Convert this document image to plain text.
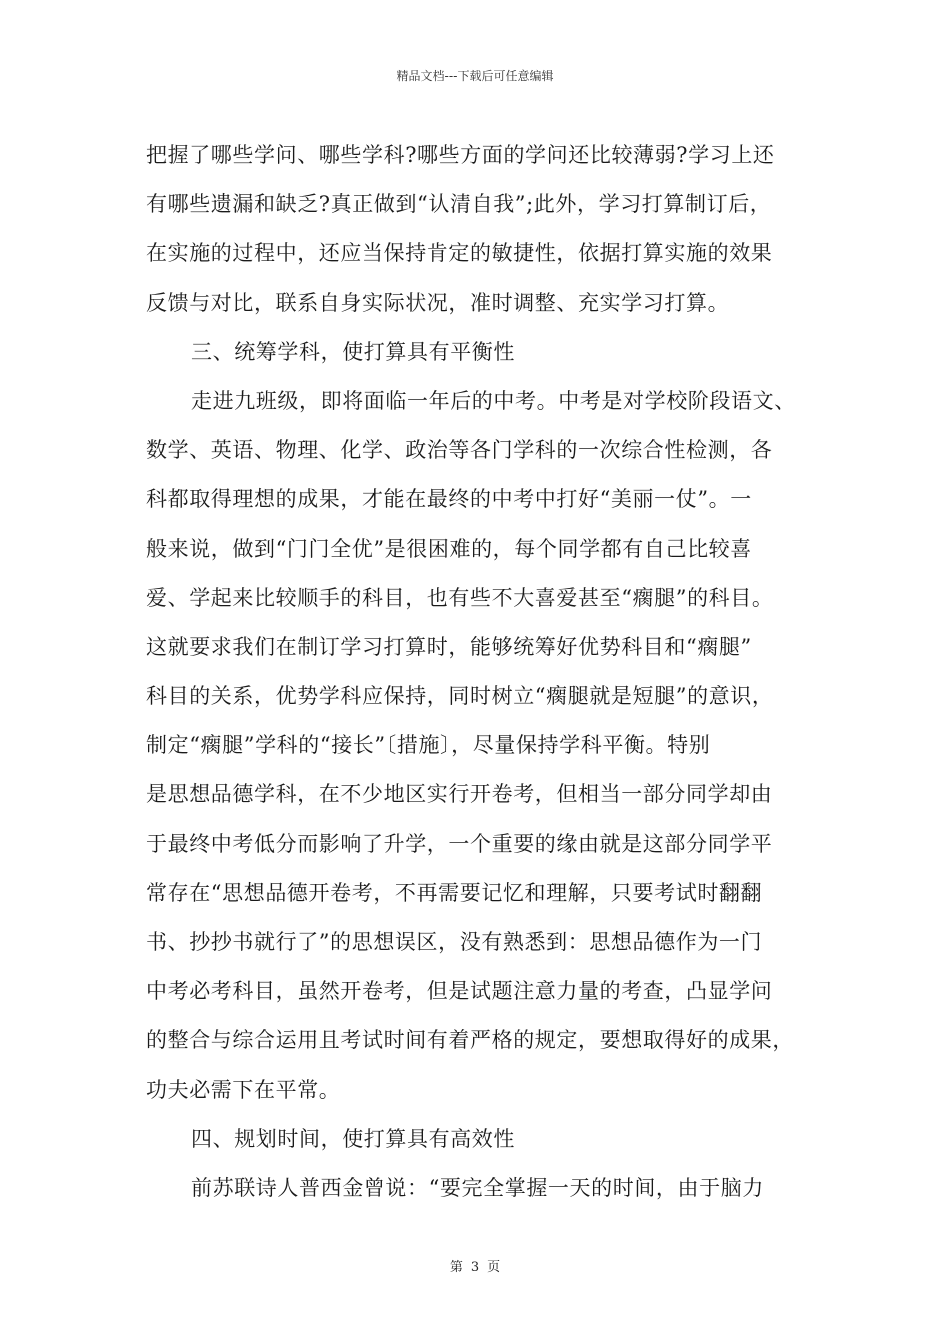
精品文档---下载后可任意编辑
把握了哪些学问、哪些学科?哪些方面的学问还比较薄弱?学习上还
有哪些遗漏和缺乏?真正做到“认清自我”;此外，学习打算制订后，
在实施的过程中，还应当保持肯定的敏捷性，依据打算实施的效果
反馈与对比，联系自身实际状况，准时调整、充实学习打算。
三、统筹学科，使打算具有平衡性
走进九班级，即将面临一年后的中考。中考是对学校阶段语文、
数学、英语、物理、化学、政治等各门学科的一次综合性检测，各
科都取得理想的成果，才能在最终的中考中打好“美丽一仗”。一
般来说，做到“门门全优”是很困难的，每个同学都有自己比较喜
爱、学起来比较顺手的科目，也有些不大喜爱甚至“瘸腿”的科目。
这就要求我们在制订学习打算时，能够统筹好优势科目和“瘸腿”
科目的关系，优势学科应保持，同时树立“瘸腿就是短腿”的意识，
制定“瘸腿”学科的“接长”〔措施〕，尽量保持学科平衡。特别
是思想品德学科，在不少地区实行开卷考，但相当一部分同学却由
于最终中考低分而影响了升学，一个重要的缘由就是这部分同学平
常存在“思想品德开卷考，不再需要记忆和理解，只要考试时翻翻
书、抄抄书就行了”的思想误区，没有熟悉到：思想品德作为一门
中考必考科目，虽然开卷考，但是试题注意力量的考查，凸显学问
的整合与综合运用且考试时间有着严格的规定，要想取得好的成果，
功夫必需下在平常。
四、规划时间，使打算具有高效性
前苏联诗人普西金曾说：“要完全掌握一天的时间，由于脑力
第 3 页
